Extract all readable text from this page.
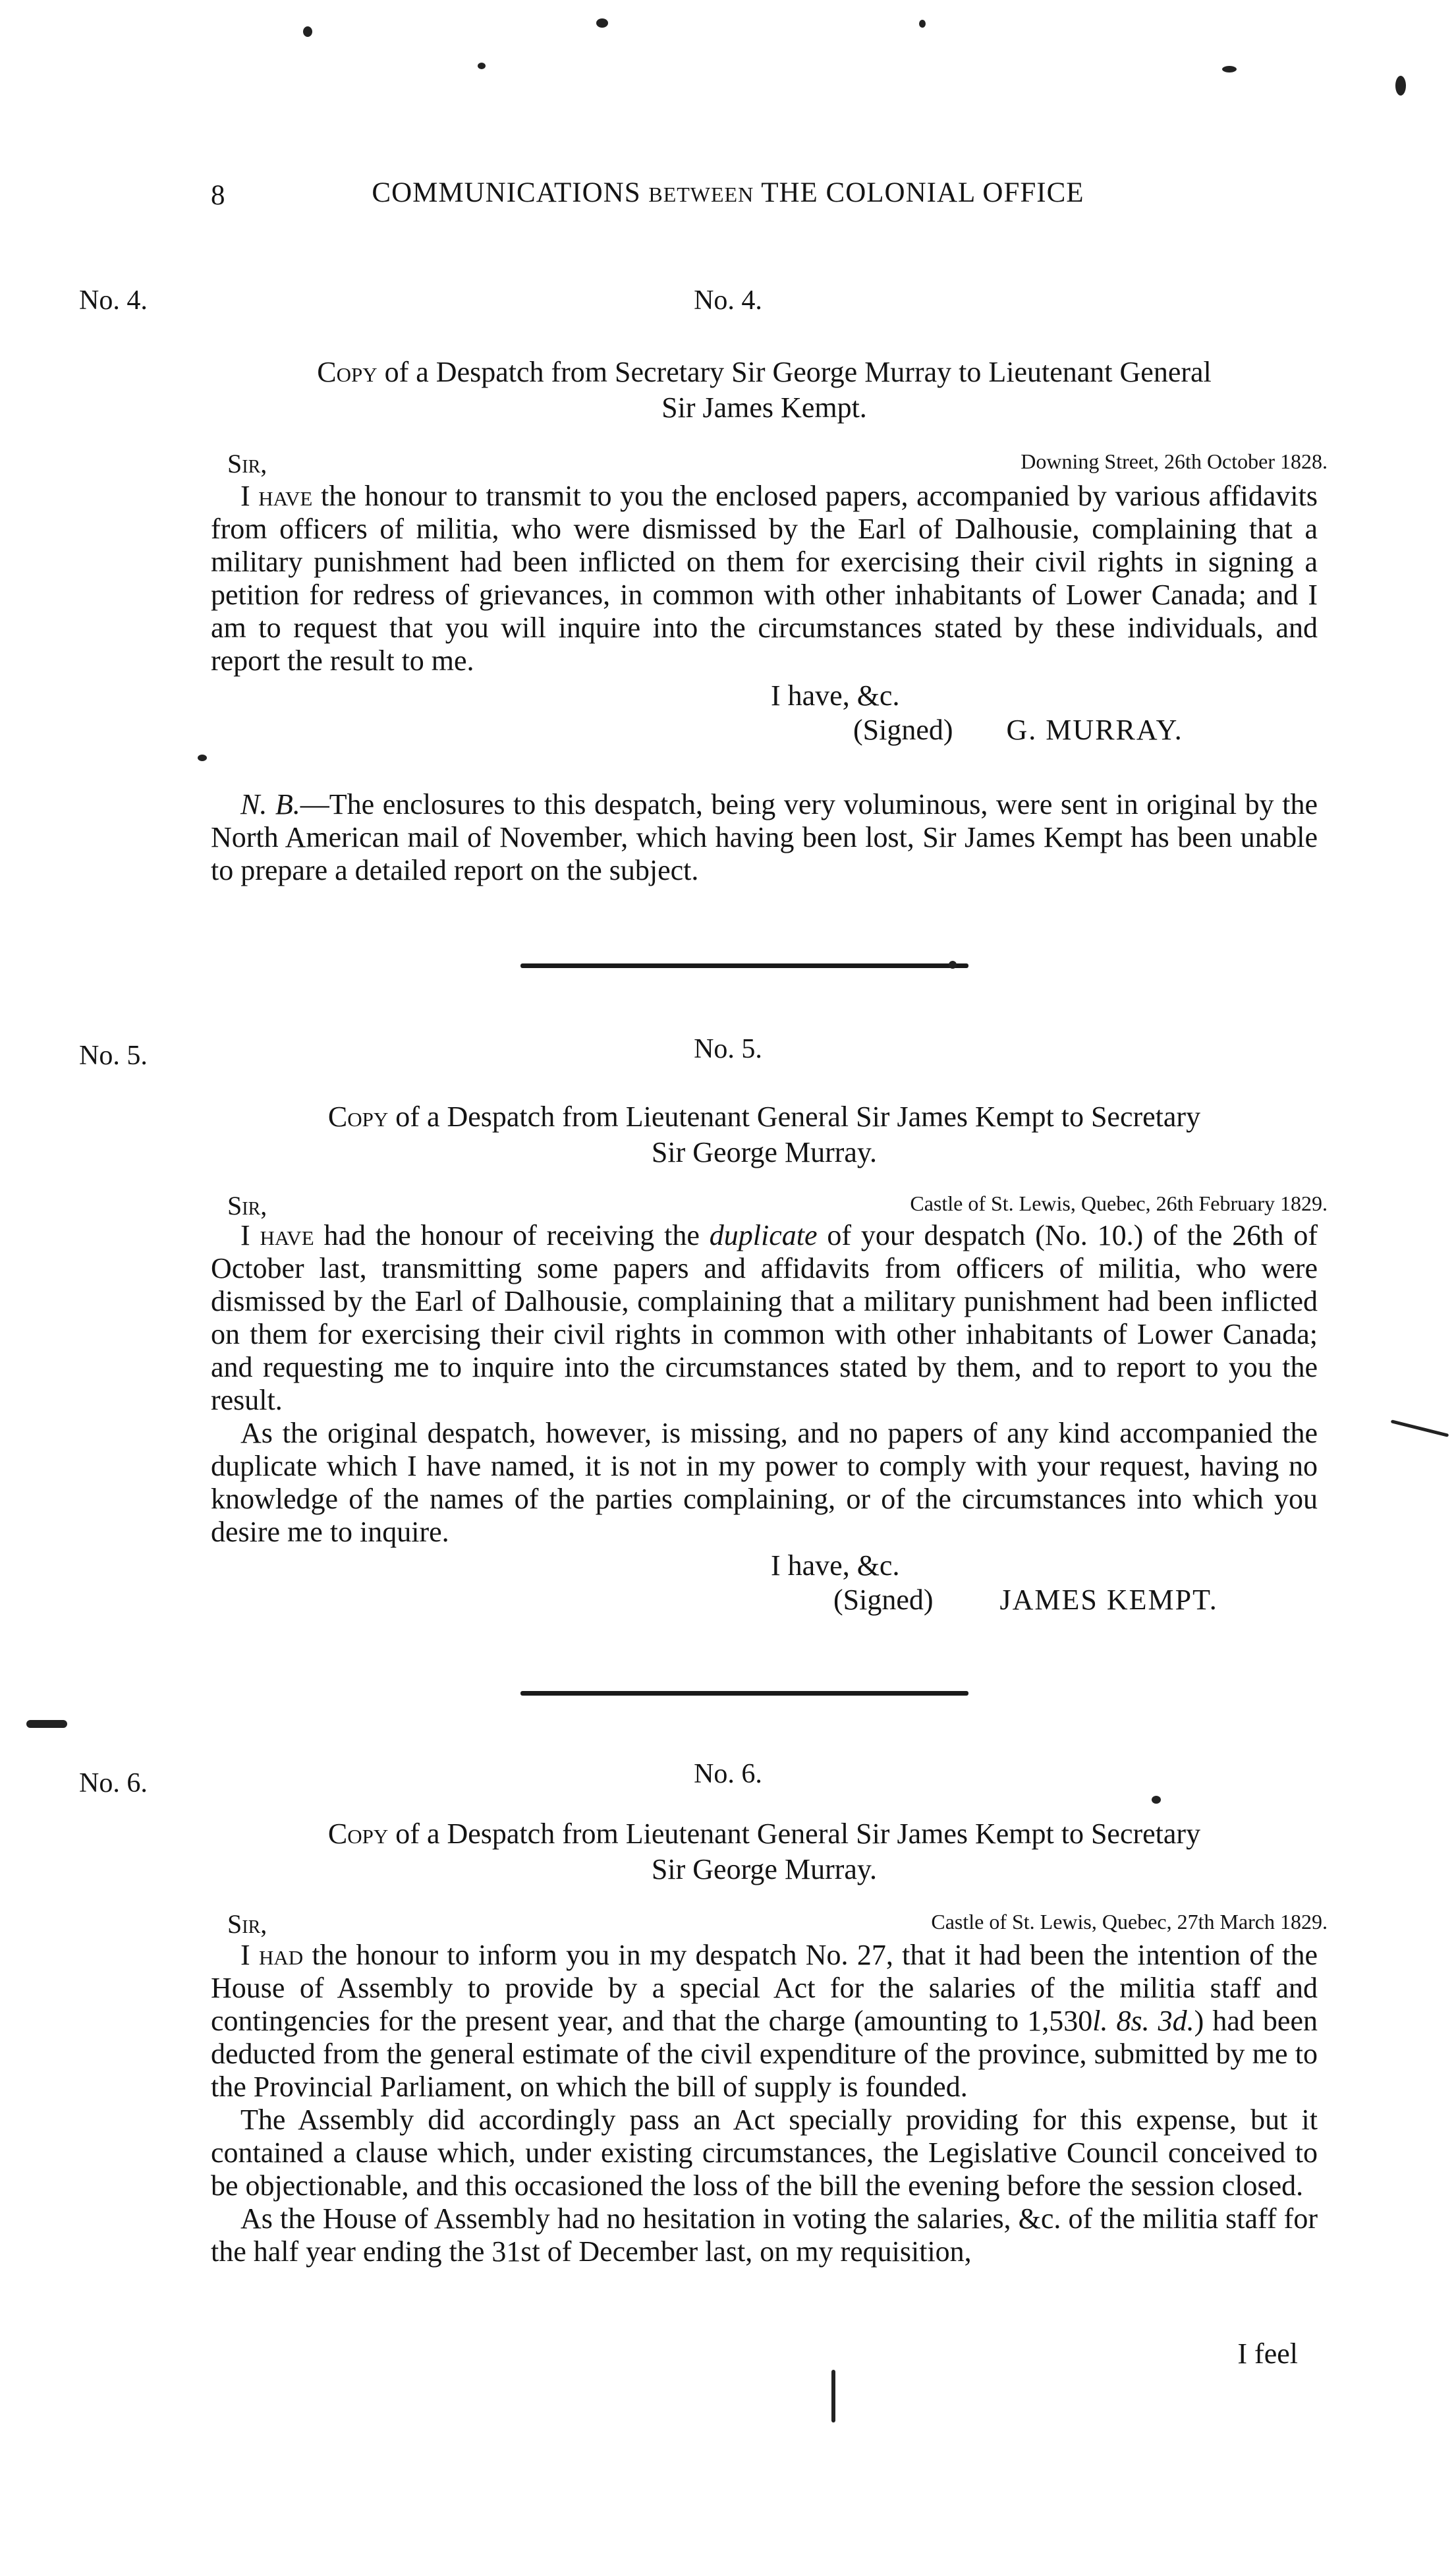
8	COMMUNICATIONS BETWEEN THE COLONIAL OFFICE
No. 4.	No. 4.
Copy of a Despatch from Secretary Sir George Murray to Lieutenant General
Sir James Kempt.
Sir,	Downing Street, 26th October 1828.

I have the honour to transmit to you the enclosed papers, accompanied by various affidavits from officers of militia, who were dismissed by the Earl of Dalhousie, complaining that a military punishment had been inflicted on them for exercising their civil rights in signing a petition for redress of grievances, in common with other inhabitants of Lower Canada; and I am to request that you will inquire into the circumstances stated by these individuals, and report the result to me.

I have, &c.
(Signed) G. MURRAY.

N. B.—The enclosures to this despatch, being very voluminous, were sent in original by the North American mail of November, which having been lost, Sir James Kempt has been unable to prepare a detailed report on the subject.

No. 5.	No. 5.
Copy of a Despatch from Lieutenant General Sir James Kempt to Secretary
Sir George Murray.
Sir,	Castle of St. Lewis, Quebec, 26th February 1829.

I have had the honour of receiving the duplicate of your despatch (No. 10.) of the 26th of October last, transmitting some papers and affidavits from officers of militia, who were dismissed by the Earl of Dalhousie, complaining that a military punishment had been inflicted on them for exercising their civil rights in common with other inhabitants of Lower Canada; and requesting me to inquire into the circumstances stated by them, and to report to you the result.

As the original despatch, however, is missing, and no papers of any kind accompanied the duplicate which I have named, it is not in my power to comply with your request, having no knowledge of the names of the parties complaining, or of the circumstances into which you desire me to inquire.

I have, &c.
(Signed) JAMES KEMPT.
No. 6.	No. 6.
Copy of a Despatch from Lieutenant General Sir James Kempt to Secretary
Sir George Murray.
Sir,	Castle of St. Lewis, Quebec, 27th March 1829.

I had the honour to inform you in my despatch No. 27, that it had been the intention of the House of Assembly to provide by a special Act for the salaries of the militia staff and contingencies for the present year, and that the charge (amounting to 1,530l. 8s. 3d.) had been deducted from the general estimate of the civil expenditure of the province, submitted by me to the Provincial Parliament, on which the bill of supply is founded.

The Assembly did accordingly pass an Act specially providing for this expense, but it contained a clause which, under existing circumstances, the Legislative Council conceived to be objectionable, and this occasioned the loss of the bill the evening before the session closed.

As the House of Assembly had no hesitation in voting the salaries, &c. of the militia staff for the half year ending the 31st of December last, on my requisition,

I feel
